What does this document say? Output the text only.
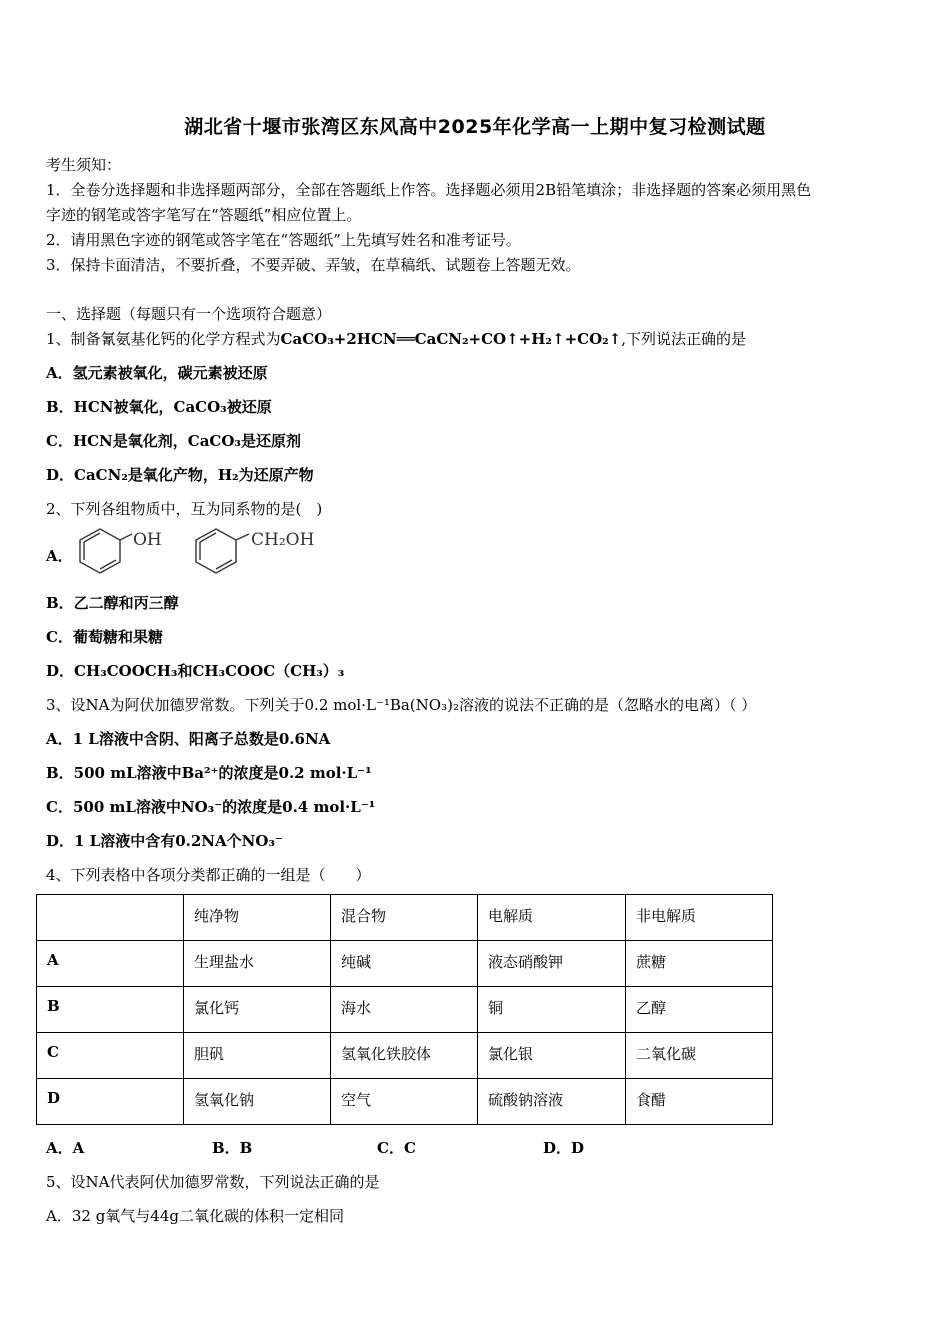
湖北省十堰市张湾区东风高中2025年化学高一上期中复习检测试题
考生须知：
1．全卷分选择题和非选择题两部分，全部在答题纸上作答。选择题必须用2B铅笔填涂；非选择题的答案必须用黑色
字迹的钢笔或答字笔写在“答题纸”相应位置上。
2．请用黑色字迹的钢笔或答字笔在“答题纸”上先填写姓名和准考证号。
3．保持卡面清洁，不要折叠，不要弄破、弄皱，在草稿纸、试题卷上答题无效。
一、选择题（每题只有一个选项符合题意）
1、制备氰氨基化钙的化学方程式为CaCO₃+2HCN══CaCN₂+CO↑+H₂↑+CO₂↑,下列说法正确的是
A．氢元素被氧化，碳元素被还原
B．HCN被氧化，CaCO₃被还原
C．HCN是氧化剂，CaCO₃是还原剂
D．CaCN₂是氧化产物，H₂为还原产物
2、下列各组物质中，互为同系物的是(　)
A．
OH	CH₂OH
B．乙二醇和丙三醇
C．葡萄糖和果糖
D．CH₃COOCH₃和CH₃COOC（CH₃）₃
3、设NA为阿伏加德罗常数。下列关于0.2 mol·L⁻¹Ba(NO₃)₂溶液的说法不正确的是（忽略水的电离）（ ）
A．1 L溶液中含阴、阳离子总数是0.6NA
B．500 mL溶液中Ba²⁺的浓度是0.2 mol·L⁻¹
C．500 mL溶液中NO₃⁻的浓度是0.4 mol·L⁻¹
D．1 L溶液中含有0.2NA个NO₃⁻
4、下列表格中各项分类都正确的一组是（　　）
	纯净物	混合物	电解质	非电解质
A	生理盐水	纯碱	液态硝酸钾	蔗糖
B	氯化钙	海水	铜	乙醇
C	胆矾	氢氧化铁胶体	氯化银	二氧化碳
D	氢氧化钠	空气	硫酸钠溶液	食醋
A．A	B．B	C．C	D．D
5、设NA代表阿伏加德罗常数，下列说法正确的是
A．32 g氧气与44g二氧化碳的体积一定相同
